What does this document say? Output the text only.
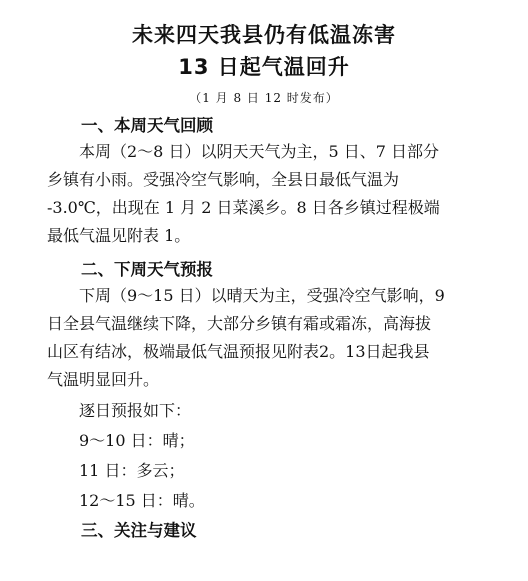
未来四天我县仍有低温冻害
13 日起气温回升
（1 月 8 日 12 时发布）
一、本周天气回顾
本周（2～8 日）以阴天天气为主，5 日、7 日部分
乡镇有小雨。受强冷空气影响，全县日最低气温为
-3.0℃，出现在 1 月 2 日菜溪乡。8 日各乡镇过程极端
最低气温见附表 1。
二、下周天气预报
下周（9～15 日）以晴天为主，受强冷空气影响，9
日全县气温继续下降，大部分乡镇有霜或霜冻，高海拔
山区有结冰，极端最低气温预报见附表2。13日起我县
气温明显回升。
逐日预报如下：
9～10 日：晴；
11 日：多云；
12～15 日：晴。
三、关注与建议
